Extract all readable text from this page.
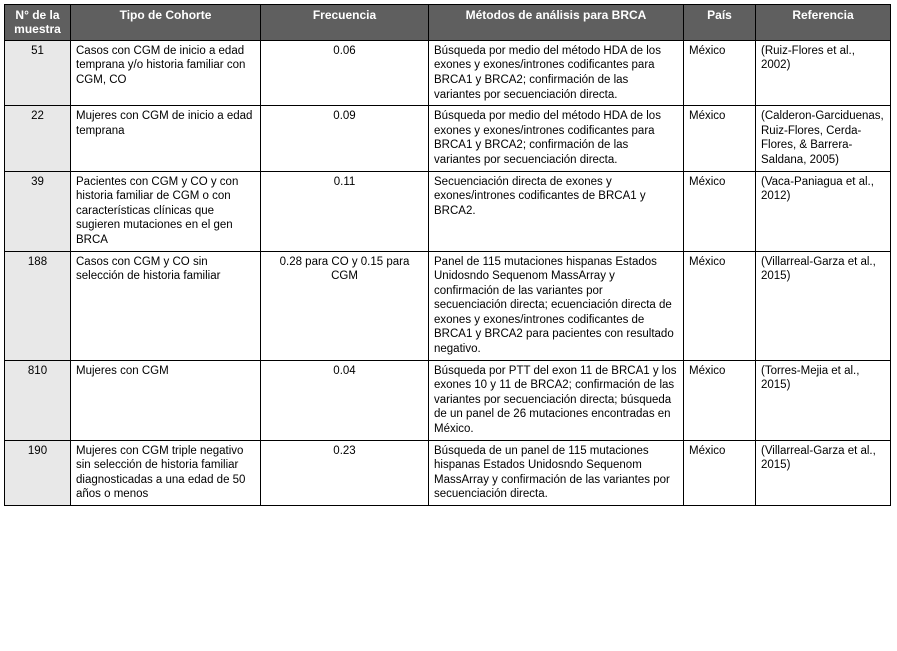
N° de la muestra	Tipo de Cohorte	Frecuencia	Métodos de análisis para BRCA	País	Referencia
51	Casos con CGM de inicio a edad temprana y/o historia familiar con CGM, CO	0.06	Búsqueda por medio del método HDA de los exones y exones/intrones codificantes para BRCA1 y BRCA2; confirmación de las variantes por secuenciación directa.	México	(Ruiz-Flores et al., 2002)
22	Mujeres con CGM de inicio a edad temprana	0.09	Búsqueda por medio del método HDA de los exones y exones/intrones codificantes para BRCA1 y BRCA2; confirmación de las variantes por secuenciación directa.	México	(Calderon-Garciduenas, Ruiz-Flores, Cerda-Flores, & Barrera-Saldana, 2005)
39	Pacientes con CGM y CO y con historia familiar de CGM o con características clínicas que sugieren mutaciones en el gen BRCA	0.11	Secuenciación directa de exones y exones/intrones codificantes de BRCA1 y BRCA2.	México	(Vaca-Paniagua et al., 2012)
188	Casos con CGM y CO sin selección de historia familiar	0.28 para CO y 0.15 para CGM	Panel de 115 mutaciones hispanas Estados Unidosndo Sequenom MassArray y confirmación de las variantes por secuenciación directa; ecuenciación directa de exones y exones/intrones codificantes de BRCA1 y BRCA2 para pacientes con resultado negativo.	México	(Villarreal-Garza et al., 2015)
810	Mujeres con CGM	0.04	Búsqueda por PTT del exon 11 de BRCA1 y los exones 10 y 11 de BRCA2; confirmación de las variantes por secuenciación directa; búsqueda de un panel de 26 mutaciones encontradas en México.	México	(Torres-Mejia et al., 2015)
190	Mujeres con CGM triple negativo sin selección de historia familiar diagnosticadas a una edad de 50 años o menos	0.23	Búsqueda de un panel de 115 mutaciones hispanas Estados Unidosndo Sequenom MassArray y confirmación de las variantes por secuenciación directa.	México	(Villarreal-Garza et al., 2015)
